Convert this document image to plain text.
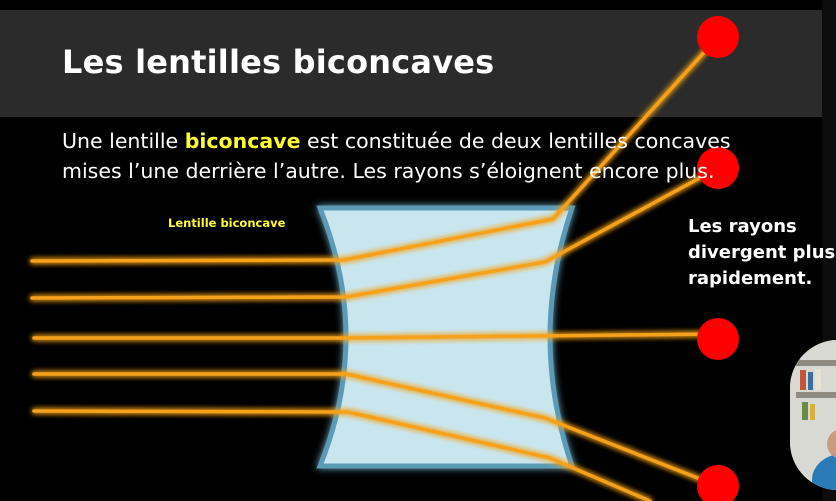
Les lentilles biconcaves

Une lentille biconcave est constituée de deux lentilles concaves mises l’une derrière l’autre. Les rayons s’éloignent encore plus.

Lentille biconcave	Les rayons
divergent plus
rapidement.
